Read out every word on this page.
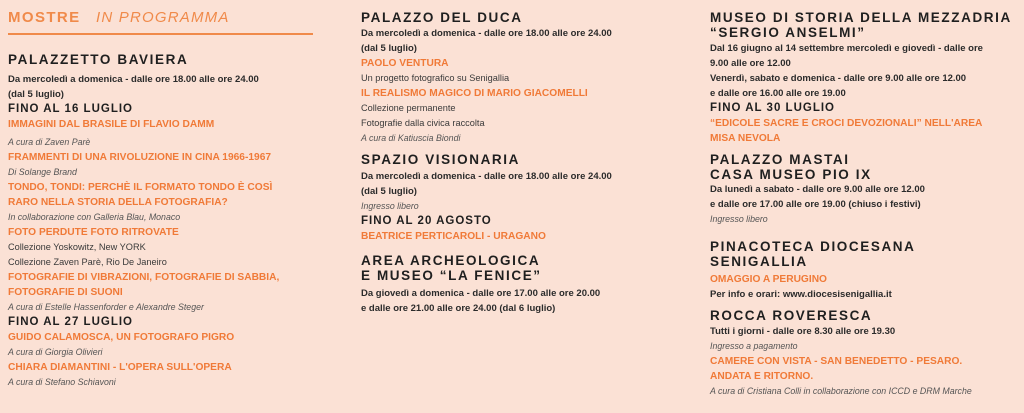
MOSTRE IN PROGRAMMA

PALAZZETTO BAVIERA

Da mercoledì a domenica - dalle ore 18.00 alle ore 24.00

(dal 5 luglio)

FINO AL 16 LUGLIO

IMMAGINI DAL BRASILE DI FLAVIO DAMM

A cura di Zaven Parè

FRAMMENTI DI UNA RIVOLUZIONE IN CINA 1966-1967

Di Solange Brand

TONDO, TONDI: PERCHÈ IL FORMATO TONDO È COSÌ

RARO NELLA STORIA DELLA FOTOGRAFIA?

In collaborazione con Galleria Blau, Monaco

FOTO PERDUTE FOTO RITROVATE

Collezione Yoskowitz, New YORK

Collezione Zaven Parè, Rio De Janeiro

FOTOGRAFIE DI VIBRAZIONI, FOTOGRAFIE DI SABBIA,

FOTOGRAFIE DI SUONI

A cura di Estelle Hassenforder e Alexandre Steger

FINO AL 27 LUGLIO

GUIDO CALAMOSCA, UN FOTOGRAFO PIGRO

A cura di Giorgia Olivieri

CHIARA DIAMANTINI - L'OPERA SULL'OPERA

A cura di Stefano Schiavoni

PALAZZO DEL DUCA

Da mercoledì a domenica - dalle ore 18.00 alle ore 24.00

(dal 5 luglio)

PAOLO VENTURA

Un progetto fotografico su Senigallia

IL REALISMO MAGICO DI MARIO GIACOMELLI

Collezione permanente

Fotografie dalla civica raccolta

A cura di Katiuscia Biondi

SPAZIO VISIONARIA

Da mercoledì a domenica - dalle ore 18.00 alle ore 24.00

(dal 5 luglio)

Ingresso libero

FINO AL 20 AGOSTO

BEATRICE PERTICAROLI - URAGANO

AREA ARCHEOLOGICA

E MUSEO “LA FENICE”

Da giovedì a domenica - dalle ore 17.00 alle ore 20.00

e dalle ore 21.00 alle ore 24.00 (dal 6 luglio)

MUSEO DI STORIA DELLA MEZZADRIA

“SERGIO ANSELMI”

Dal 16 giugno al 14 settembre mercoledì e giovedì - dalle ore

9.00 alle ore 12.00

Venerdì, sabato e domenica - dalle ore 9.00 alle ore 12.00

e dalle ore 16.00 alle ore 19.00

FINO AL 30 LUGLIO

“EDICOLE SACRE E CROCI DEVOZIONALI” NELL'AREA

MISA NEVOLA

PALAZZO MASTAI

CASA MUSEO PIO IX

Da lunedì a sabato - dalle ore 9.00 alle ore 12.00

e dalle ore 17.00 alle ore 19.00 (chiuso i festivi)

Ingresso libero

PINACOTECA DIOCESANA

SENIGALLIA

OMAGGIO A PERUGINO

Per info e orari: www.diocesisenigallia.it

ROCCA ROVERESCA

Tutti i giorni - dalle ore 8.30 alle ore 19.30

Ingresso a pagamento

CAMERE CON VISTA - SAN BENEDETTO - PESARO.

ANDATA E RITORNO.

A cura di Cristiana Colli in collaborazione con ICCD e DRM Marche
